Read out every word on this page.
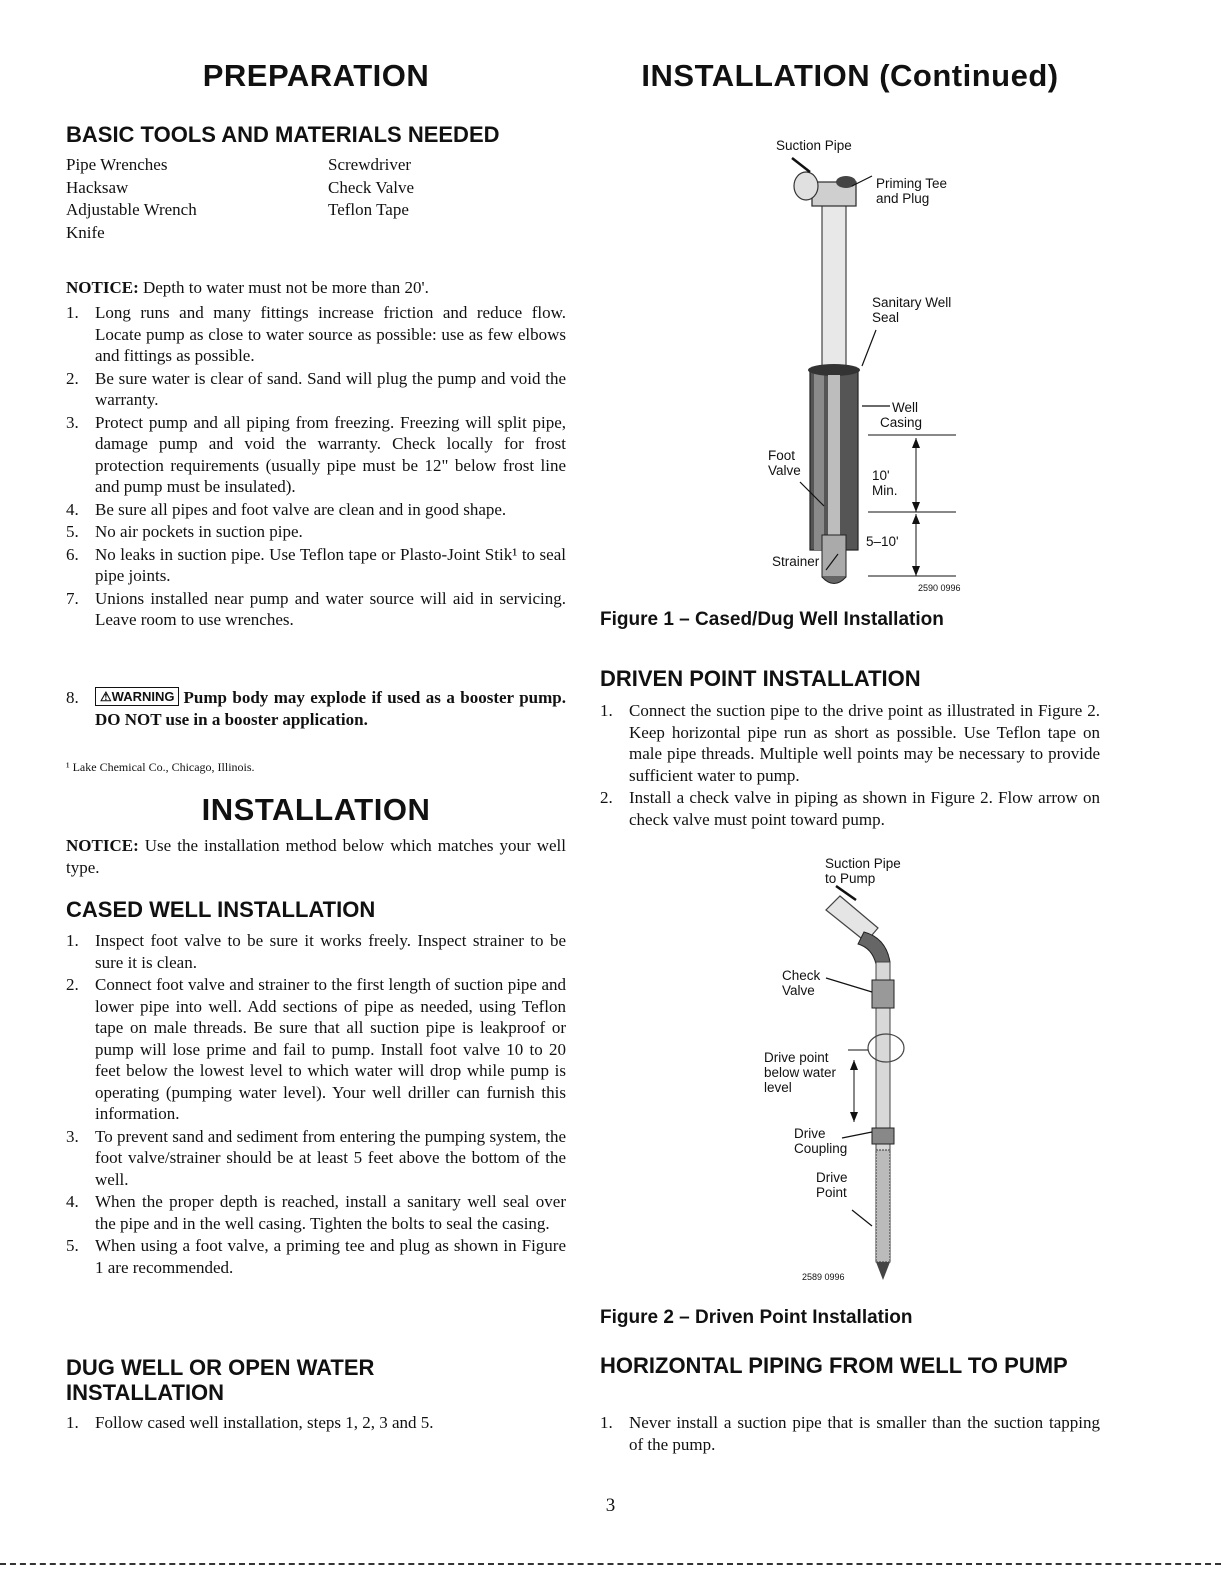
PREPARATION
BASIC TOOLS AND MATERIALS NEEDED
Pipe Wrenches	Screwdriver
Hacksaw	Check Valve
Adjustable Wrench	Teflon Tape
Knife
NOTICE: Depth to water must not be more than 20'.
1. Long runs and many fittings increase friction and reduce flow. Locate pump as close to water source as possible: use as few elbows and fittings as possible.
2. Be sure water is clear of sand. Sand will plug the pump and void the warranty.
3. Protect pump and all piping from freezing. Freezing will split pipe, damage pump and void the warranty. Check locally for frost protection requirements (usually pipe must be 12" below frost line and pump must be insulated).
4. Be sure all pipes and foot valve are clean and in good shape.
5. No air pockets in suction pipe.
6. No leaks in suction pipe. Use Teflon tape or Plasto-Joint Stik¹ to seal pipe joints.
7. Unions installed near pump and water source will aid in servicing. Leave room to use wrenches.
8. ⚠WARNING Pump body may explode if used as a booster pump. DO NOT use in a booster application.
¹ Lake Chemical Co., Chicago, Illinois.
INSTALLATION
NOTICE: Use the installation method below which matches your well type.
CASED WELL INSTALLATION
1. Inspect foot valve to be sure it works freely. Inspect strainer to be sure it is clean.
2. Connect foot valve and strainer to the first length of suction pipe and lower pipe into well. Add sections of pipe as needed, using Teflon tape on male threads. Be sure that all suction pipe is leakproof or pump will lose prime and fail to pump. Install foot valve 10 to 20 feet below the lowest level to which water will drop while pump is operating (pumping water level). Your well driller can furnish this information.
3. To prevent sand and sediment from entering the pumping system, the foot valve/strainer should be at least 5 feet above the bottom of the well.
4. When the proper depth is reached, install a sanitary well seal over the pipe and in the well casing. Tighten the bolts to seal the casing.
5. When using a foot valve, a priming tee and plug as shown in Figure 1 are recommended.
DUG WELL OR OPEN WATER INSTALLATION
1. Follow cased well installation, steps 1, 2, 3 and 5.
INSTALLATION (Continued)
Suction Pipe
Priming Tee and Plug
Sanitary Well Seal
Well
Casing
Foot Valve	10'
Min.
5–10'
Strainer
2590 0996
Figure 1 – Cased/Dug Well Installation
DRIVEN POINT INSTALLATION
1. Connect the suction pipe to the drive point as illustrated in Figure 2. Keep horizontal pipe run as short as possible. Use Teflon tape on male pipe threads. Multiple well points may be necessary to provide sufficient water to pump.
2. Install a check valve in piping as shown in Figure 2. Flow arrow on check valve must point toward pump.
Suction Pipe
to Pump
Check
Valve
Drive point
below water
level
Drive
Coupling
Drive
Point
2589 0996
Figure 2 – Driven Point Installation
HORIZONTAL PIPING FROM WELL TO PUMP
1. Never install a suction pipe that is smaller than the suction tapping of the pump.
3
